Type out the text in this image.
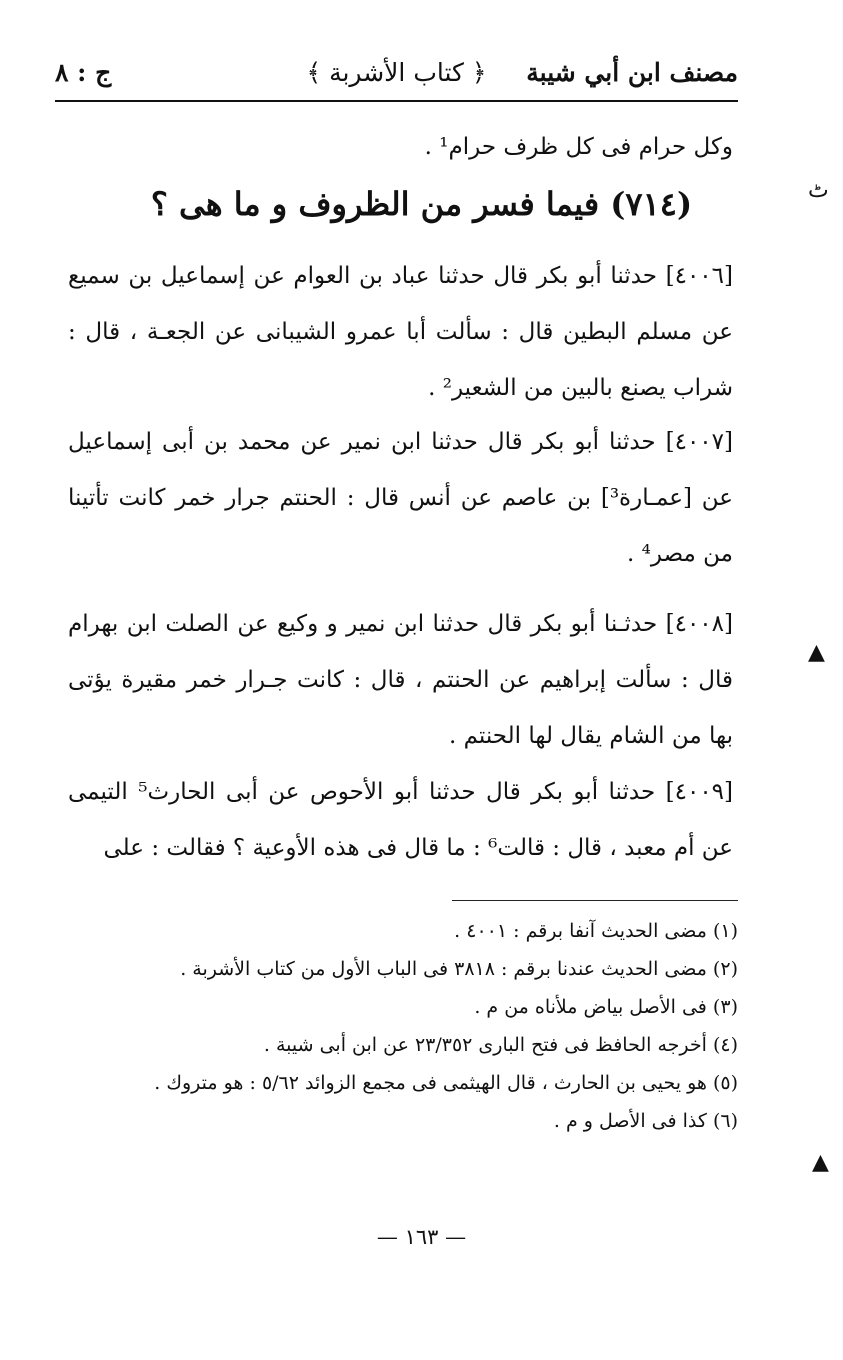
مصنف ابن أبي شيبة
﴿ كتاب الأشربة ﴾
ج : ٨
وكل حرام فى كل ظرف حرام¹ .
(٧١٤) فيما فسر من الظروف و ما هى ؟
[٤٠٠٦] حدثنا أبو بكر قال حدثنا عباد بن العوام عن إسماعيل بن سميع عن مسلم البطين قال : سألت أبا عمرو الشيبانى عن الجعـة ، قال : شراب يصنع بالبين من الشعير² .
[٤٠٠٧] حدثنا أبو بكر قال حدثنا ابن نمير عن محمد بن أبى إسماعيل عن [عمـارة³] بن عاصم عن أنس قال : الحنتم جرار خمر كانت تأتينا من مصر⁴ .
[٤٠٠٨] حدثـنا أبو بكر قال حدثنا ابن نمير و وكيع عن الصلت ابن بهرام قال : سألت إبراهيم عن الحنتم ، قال : كانت جـرار خمر مقيرة يؤتى بها من الشام يقال لها الحنتم .
[٤٠٠٩] حدثنا أبو بكر قال حدثنا أبو الأحوص عن أبى الحارث⁵ التيمى عن أم معبد ، قال : قالت⁶ : ما قال فى هذه الأوعية ؟ فقالت : على
(١) مضى الحديث آنفا برقم : ٤٠٠١ .
(٢) مضى الحديث عندنا برقم : ٣٨١٨ فى الباب الأول من كتاب الأشربة .
(٣) فى الأصل بياض ملأناه من م .
(٤) أخرجه الحافظ فى فتح البارى ٢٣/٣٥٢ عن ابن أبى شيبة .
(٥) هو يحيى بن الحارث ، قال الهيثمى فى مجمع الزوائد ٥/٦٢ : هو متروك .
(٦) كذا فى الأصل و م .
— ١٦٣ —
ٹ
▲
▲
